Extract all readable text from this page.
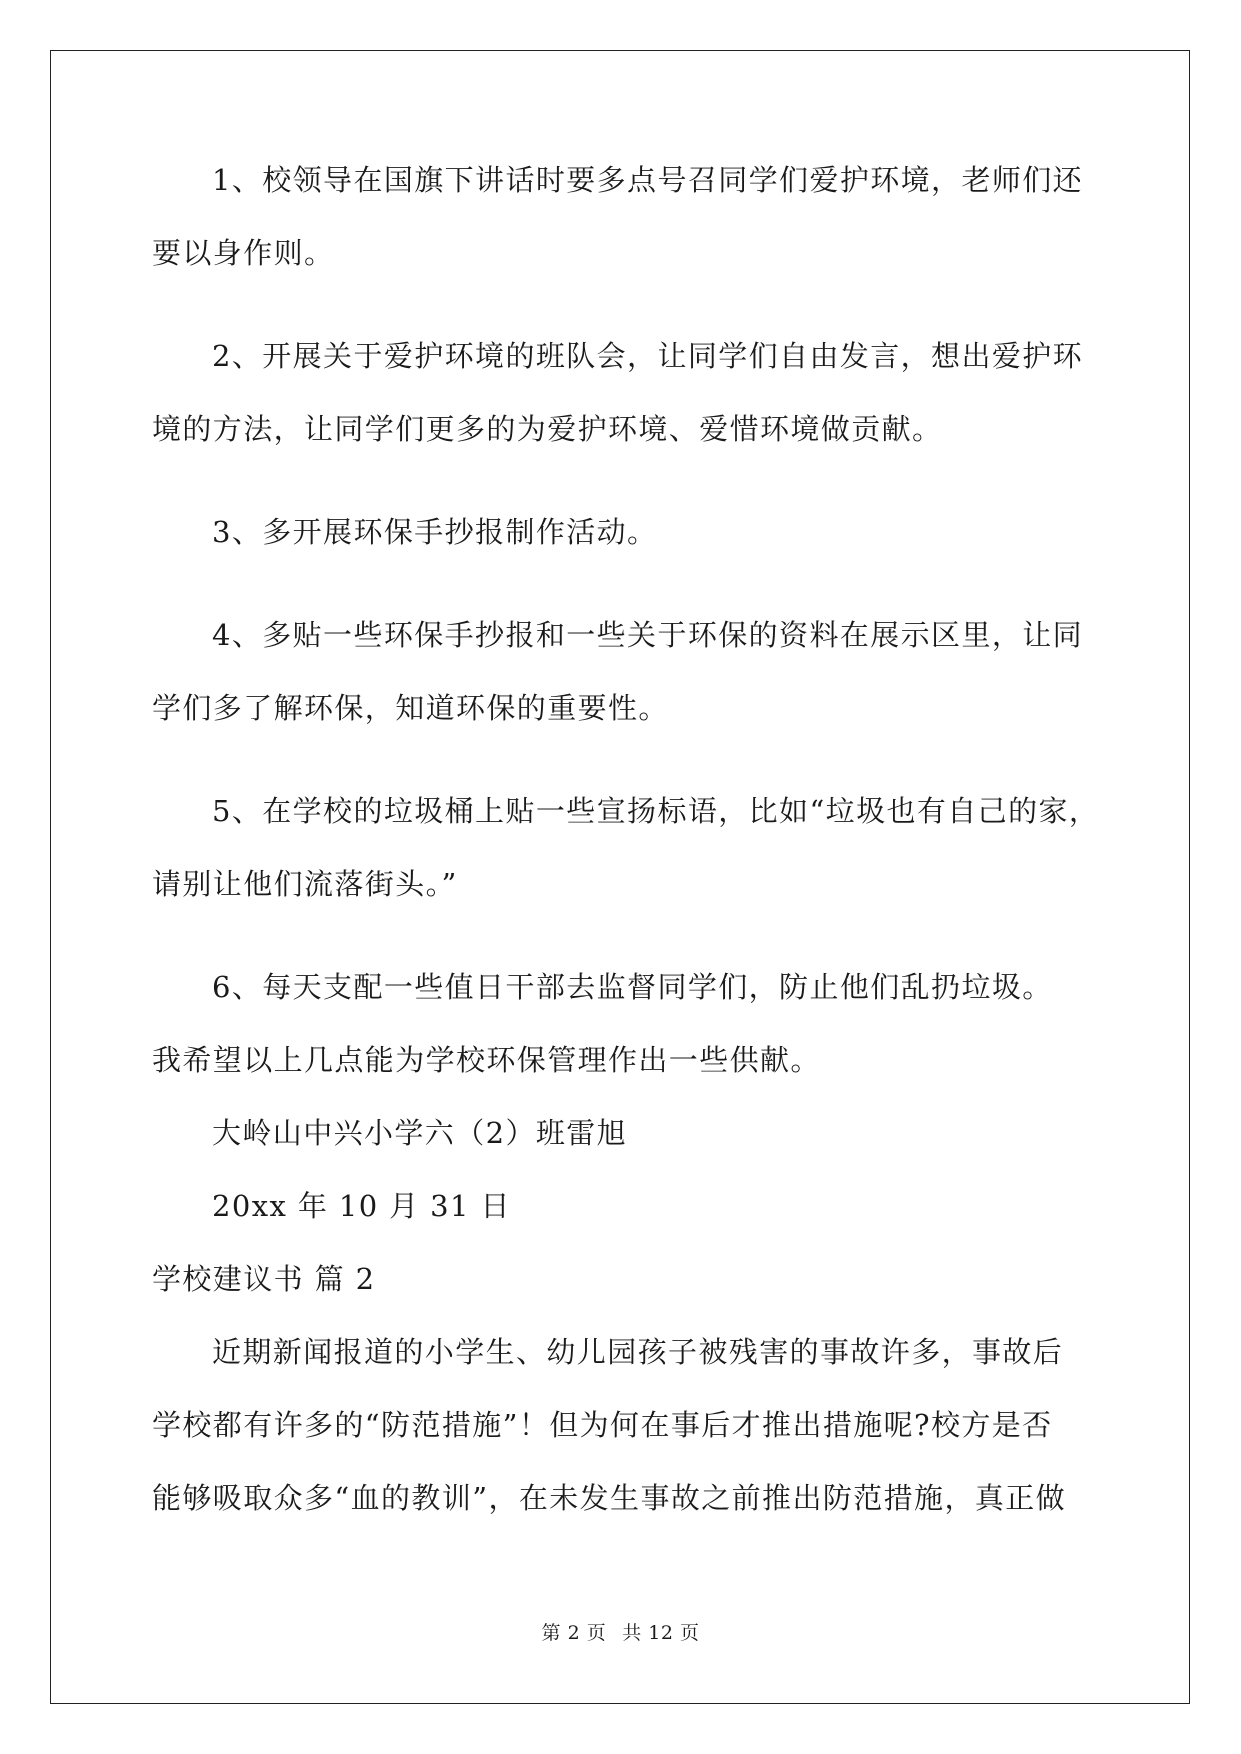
1、校领导在国旗下讲话时要多点号召同学们爱护环境，老师们还

要以身作则。

2、开展关于爱护环境的班队会，让同学们自由发言，想出爱护环

境的方法，让同学们更多的为爱护环境、爱惜环境做贡献。

3、多开展环保手抄报制作活动。

4、多贴一些环保手抄报和一些关于环保的资料在展示区里，让同

学们多了解环保，知道环保的重要性。

5、在学校的垃圾桶上贴一些宣扬标语，比如“垃圾也有自己的家，

请别让他们流落街头。”

6、每天支配一些值日干部去监督同学们，防止他们乱扔垃圾。

我希望以上几点能为学校环保管理作出一些供献。

大岭山中兴小学六（2）班雷旭

20xx 年 10 月 31 日

学校建议书 篇 2

近期新闻报道的小学生、幼儿园孩子被残害的事故许多，事故后

学校都有许多的“防范措施”！但为何在事后才推出措施呢?校方是否

能够吸取众多“血的教训”，在未发生事故之前推出防范措施，真正做

第 2 页 共 12 页
